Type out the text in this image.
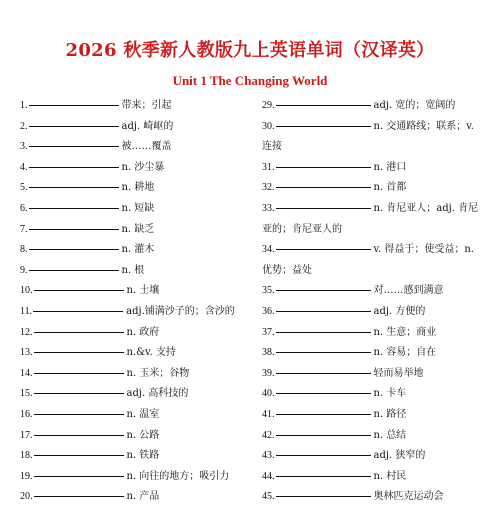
2026 秋季新人教版九上英语单词（汉译英）
Unit 1 The Changing World
1.	带来；引起
2.	adj. 崎岖的
3.	被……覆盖
4.	n. 沙尘暴
5.	n. 耕地
6.	n. 短缺
7.	n. 缺乏
8.	n. 灌木
9.	n. 根
10.	n. 土壤
11.	adj.铺满沙子的；含沙的
12.	n. 政府
13.	n.&v. 支持
14.	n. 玉米；谷物
15.	adj. 高科技的
16.	n. 温室
17.	n. 公路
18.	n. 铁路
19.	n. 向往的地方；吸引力
20.	n. 产品
29.	adj. 宽的；宽阔的
30.	n. 交通路线；联系；v.
连接
31.	n. 港口
32.	n. 首都
33.	n. 肯尼亚人；adj. 肯尼
亚的；肯尼亚人的
34.	v. 得益于；使受益；n.
优势；益处
35.	对……感到满意
36.	adj. 方便的
37.	n. 生意；商业
38.	n. 容易；自在
39.	轻而易举地
40.	n. 卡车
41.	n. 路径
42.	n. 总结
43.	adj. 狭窄的
44.	n. 村民
45.	奥林匹克运动会
